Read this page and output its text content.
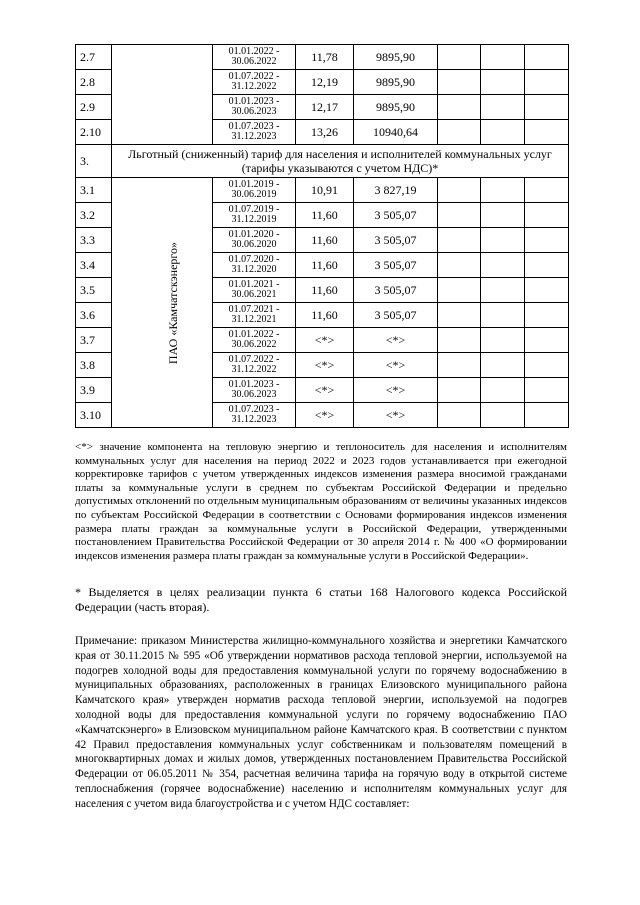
2.7		01.01.2022 -
30.06.2022	11,78	9895,90			
2.8		01.07.2022 -
31.12.2022	12,19	9895,90			
2.9		01.01.2023 -
30.06.2023	12,17	9895,90			
2.10		01.07.2023 -
31.12.2023	13,26	10940,64			
3.	Льготный (сниженный) тариф для населения и исполнителей коммунальных услуг (тарифы указываются с учетом НДС)*						
3.1	ПАО «Камчатскэнерго»	01.01.2019 -
30.06.2019	10,91	3 827,19			
3.2		01.07.2019 -
31.12.2019	11,60	3 505,07			
3.3		01.01.2020 -
30.06.2020	11,60	3 505,07			
3.4		01.07.2020 -
31.12.2020	11,60	3 505,07			
3.5		01.01.2021 -
30.06.2021	11,60	3 505,07			
3.6		01.07.2021 -
31.12.2021	11,60	3 505,07			
3.7		01.01.2022 -
30.06.2022	<*>	<*>			
3.8		01.07.2022 -
31.12.2022	<*>	<*>			
3.9		01.01.2023 -
30.06.2023	<*>	<*>			
3.10		01.07.2023 -
31.12.2023	<*>	<*>			

<*> значение компонента на тепловую энергию и теплоноситель для населения и исполнителям коммунальных услуг для населения на период 2022 и 2023 годов устанавливается при ежегодной корректировке тарифов с учетом утвержденных индексов изменения размера вносимой гражданами платы за коммунальные услуги в среднем по субъектам Российской Федерации и предельно допустимых отклонений по отдельным муниципальным образованиям от величины указанных индексов по субъектам Российской Федерации в соответствии с Основами формирования индексов изменения размера платы граждан за коммунальные услуги в Российской Федерации, утвержденными постановлением Правительства Российской Федерации от 30 апреля 2014 г. № 400 «О формировании индексов изменения размера платы граждан за коммунальные услуги в Российской Федерации».

* Выделяется в целях реализации пункта 6 статьи 168 Налогового кодекса Российской Федерации (часть вторая).

Примечание: приказом Министерства жилищно-коммунального хозяйства и энергетики Камчатского края от 30.11.2015 № 595 «Об утверждении нормативов расхода тепловой энергии, используемой на подогрев холодной воды для предоставления коммунальной услуги по горячему водоснабжению в муниципальных образованиях, расположенных в границах Елизовского муниципального района Камчатского края» утвержден норматив расхода тепловой энергии, используемой на подогрев холодной воды для предоставления коммунальной услуги по горячему водоснабжению ПАО «Камчатскэнерго» в Елизовском муниципальном районе Камчатского края. В соответствии с пунктом 42 Правил предоставления коммунальных услуг собственникам и пользователям помещений в многоквартирных домах и жилых домов, утвержденных постановлением Правительства Российской Федерации от 06.05.2011 № 354, расчетная величина тарифа на горячую воду в открытой системе теплоснабжения (горячее водоснабжение) населению и исполнителям коммунальных услуг для населения с учетом вида благоустройства и с учетом НДС составляет:
